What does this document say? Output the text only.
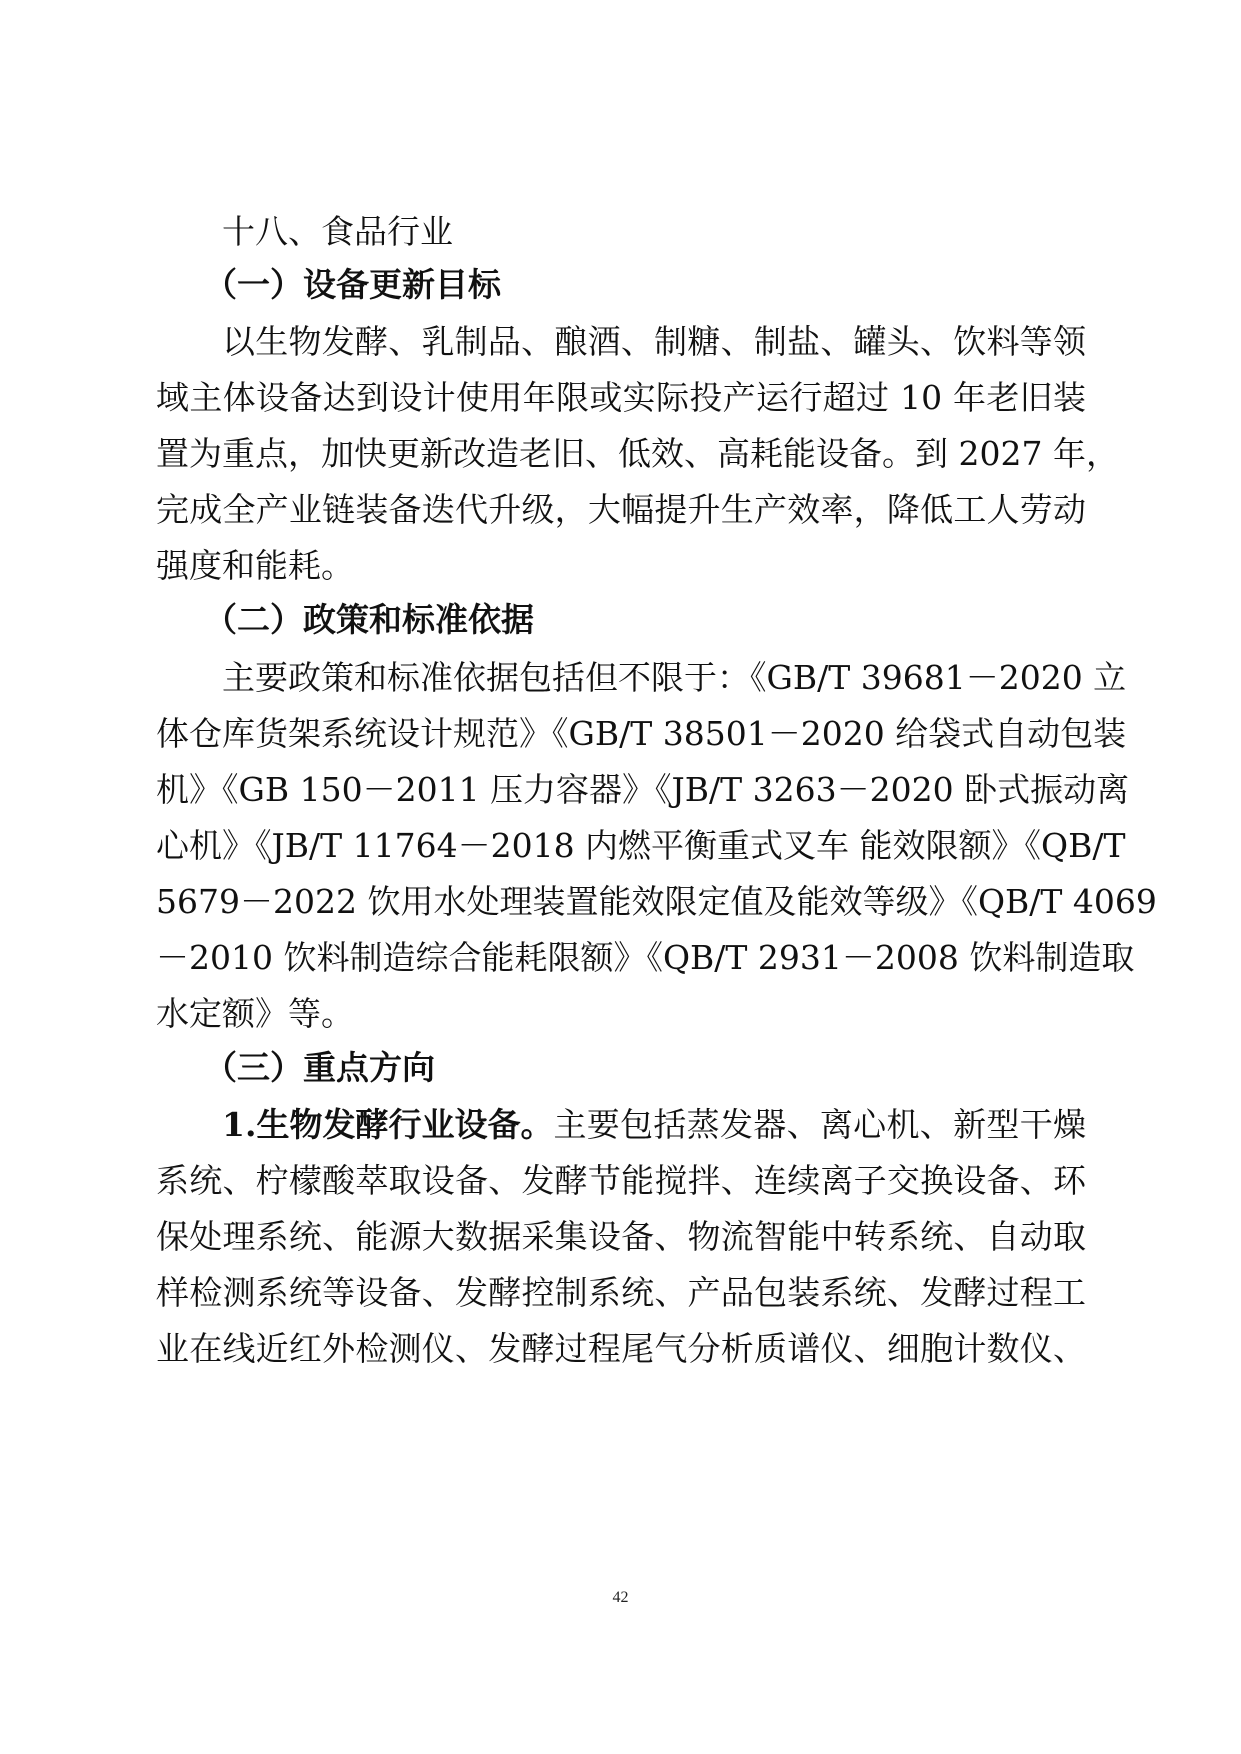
十八、食品行业
（一）设备更新目标
以生物发酵、乳制品、酿酒、制糖、制盐、罐头、饮料等领
域主体设备达到设计使用年限或实际投产运行超过 10 年老旧装
置为重点，加快更新改造老旧、低效、高耗能设备。到 2027 年，
完成全产业链装备迭代升级，大幅提升生产效率，降低工人劳动
强度和能耗。
（二）政策和标准依据
主要政策和标准依据包括但不限于：《GB/T 39681－2020 立
体仓库货架系统设计规范》《GB/T 38501－2020 给袋式自动包装
机》《GB 150－2011 压力容器》《JB/T 3263－2020 卧式振动离
心机》《JB/T 11764－2018 内燃平衡重式叉车 能效限额》《QB/T
5679－2022 饮用水处理装置能效限定值及能效等级》《QB/T 4069
－2010 饮料制造综合能耗限额》《QB/T 2931－2008 饮料制造取
水定额》等。
（三）重点方向
1.生物发酵行业设备。 主要包括蒸发器、离心机、新型干燥
系统、柠檬酸萃取设备、发酵节能搅拌、连续离子交换设备、环
保处理系统、能源大数据采集设备、物流智能中转系统、自动取
样检测系统等设备、发酵控制系统、产品包装系统、发酵过程工
业在线近红外检测仪、发酵过程尾气分析质谱仪、细胞计数仪、
42
